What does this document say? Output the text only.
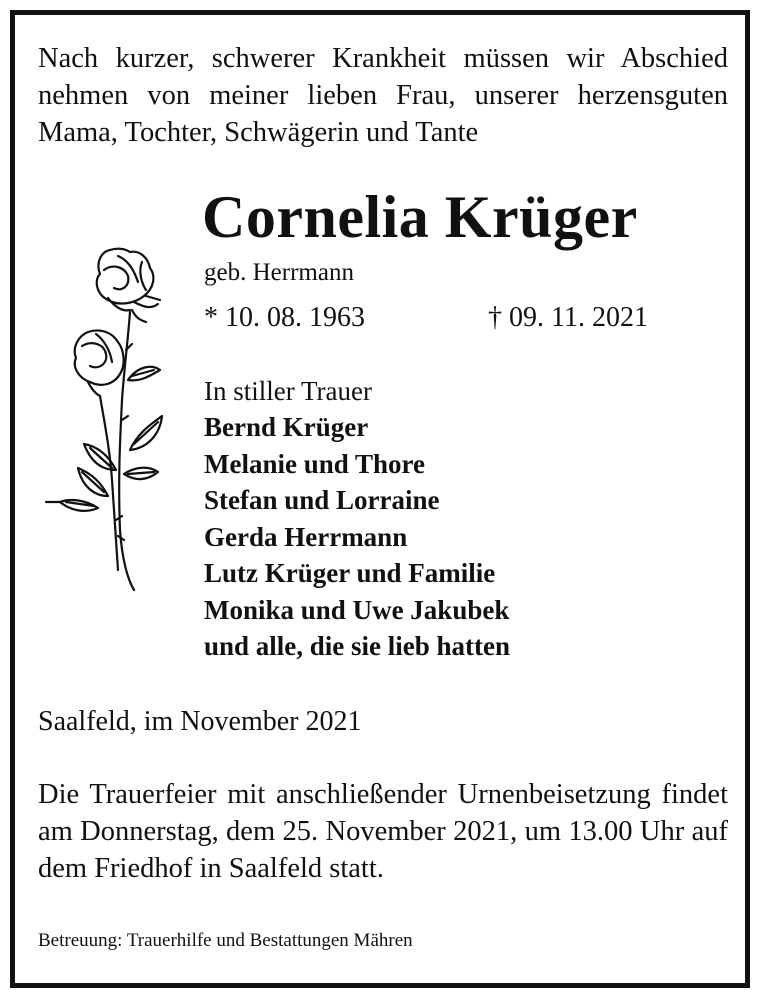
Nach kurzer, schwerer Krankheit müssen wir Abschied nehmen von meiner lieben Frau, unserer herzensguten Mama, Tochter, Schwägerin und Tante

Cornelia Krüger
geb. Herrmann
* 10. 08. 1963	† 09. 11. 2021
In stiller Trauer
Bernd Krüger
Melanie und Thore
Stefan und Lorraine
Gerda Herrmann
Lutz Krüger und Familie
Monika und Uwe Jakubek
und alle, die sie lieb hatten
Saalfeld, im November 2021

Die Trauerfeier mit anschließender Urnenbeisetzung findet am Donnerstag, dem 25. November 2021, um 13.00 Uhr auf dem Friedhof in Saalfeld statt.

Betreuung: Trauerhilfe und Bestattungen Mähren
